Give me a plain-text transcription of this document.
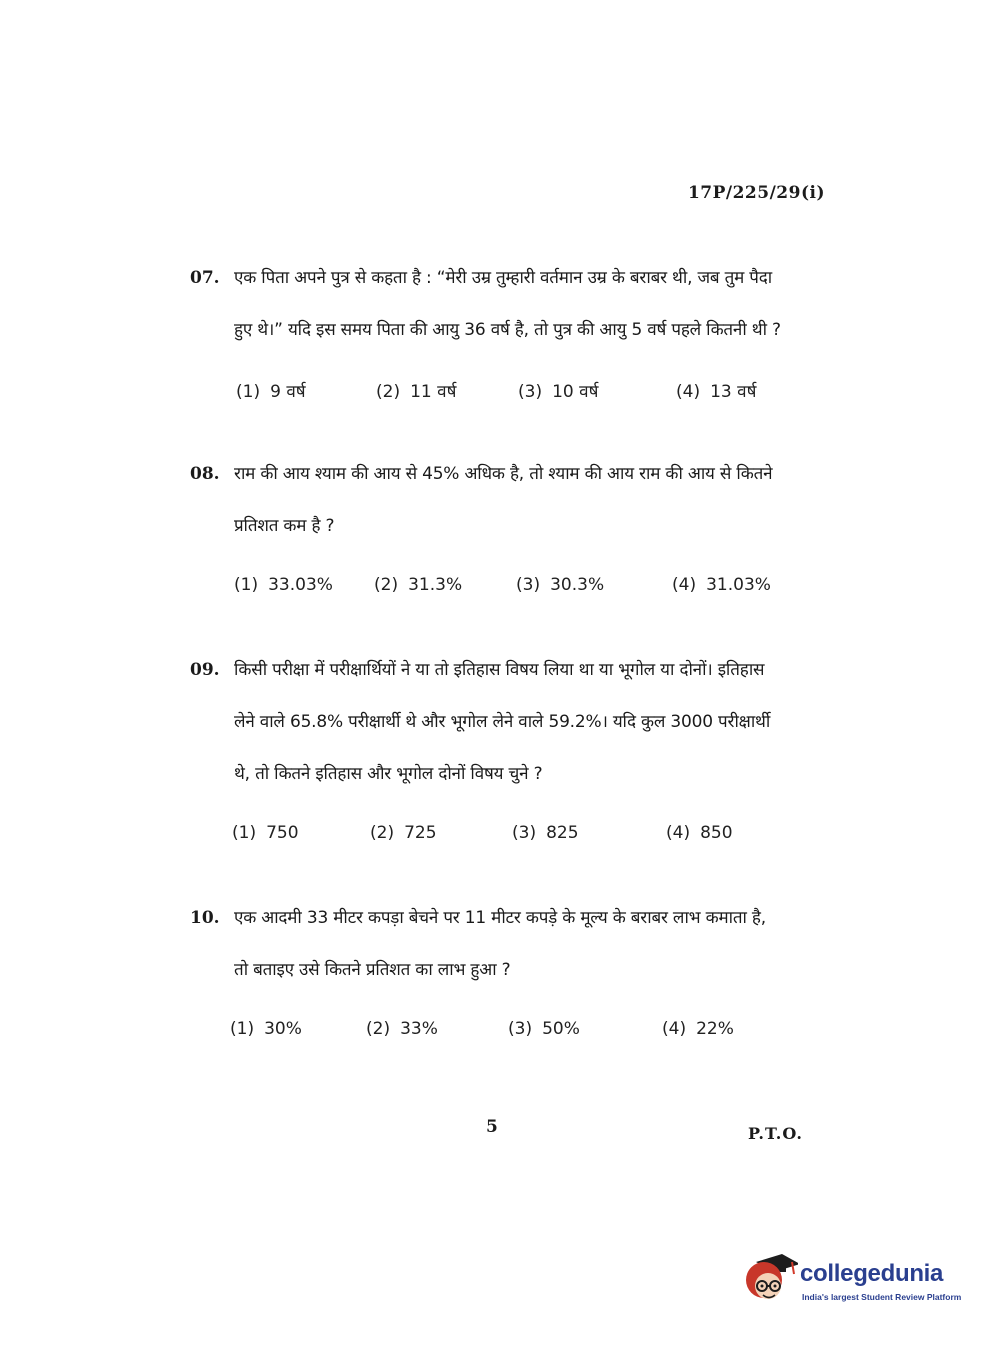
17P/225/29(i)
07. एक पिता अपने पुत्र से कहता है : “मेरी उम्र तुम्हारी वर्तमान उम्र के बराबर थी, जब तुम पैदा
हुए थे।” यदि इस समय पिता की आयु 36 वर्ष है, तो पुत्र की आयु 5 वर्ष पहले कितनी थी ?
(1) 9 वर्ष	(2) 11 वर्ष	(3) 10 वर्ष	(4) 13 वर्ष
08. राम की आय श्याम की आय से 45% अधिक है, तो श्याम की आय राम की आय से कितने
प्रतिशत कम है ?
(1) 33.03% (2) 31.3%	(3) 30.3%	(4) 31.03%
09. किसी परीक्षा में परीक्षार्थियों ने या तो इतिहास विषय लिया था या भूगोल या दोनों। इतिहास
लेने वाले 65.8% परीक्षार्थी थे और भूगोल लेने वाले 59.2%। यदि कुल 3000 परीक्षार्थी
थे, तो कितने इतिहास और भूगोल दोनों विषय चुने ?
(1) 750	(2) 725	(3) 825	(4) 850
10. एक आदमी 33 मीटर कपड़ा बेचने पर 11 मीटर कपड़े के मूल्य के बराबर लाभ कमाता है,
तो बताइए उसे कितने प्रतिशत का लाभ हुआ ?
(1) 30%	(2) 33%	(3) 50%	(4) 22%
5	P.T.O.
collegedunia
India's largest Student Review Platform
